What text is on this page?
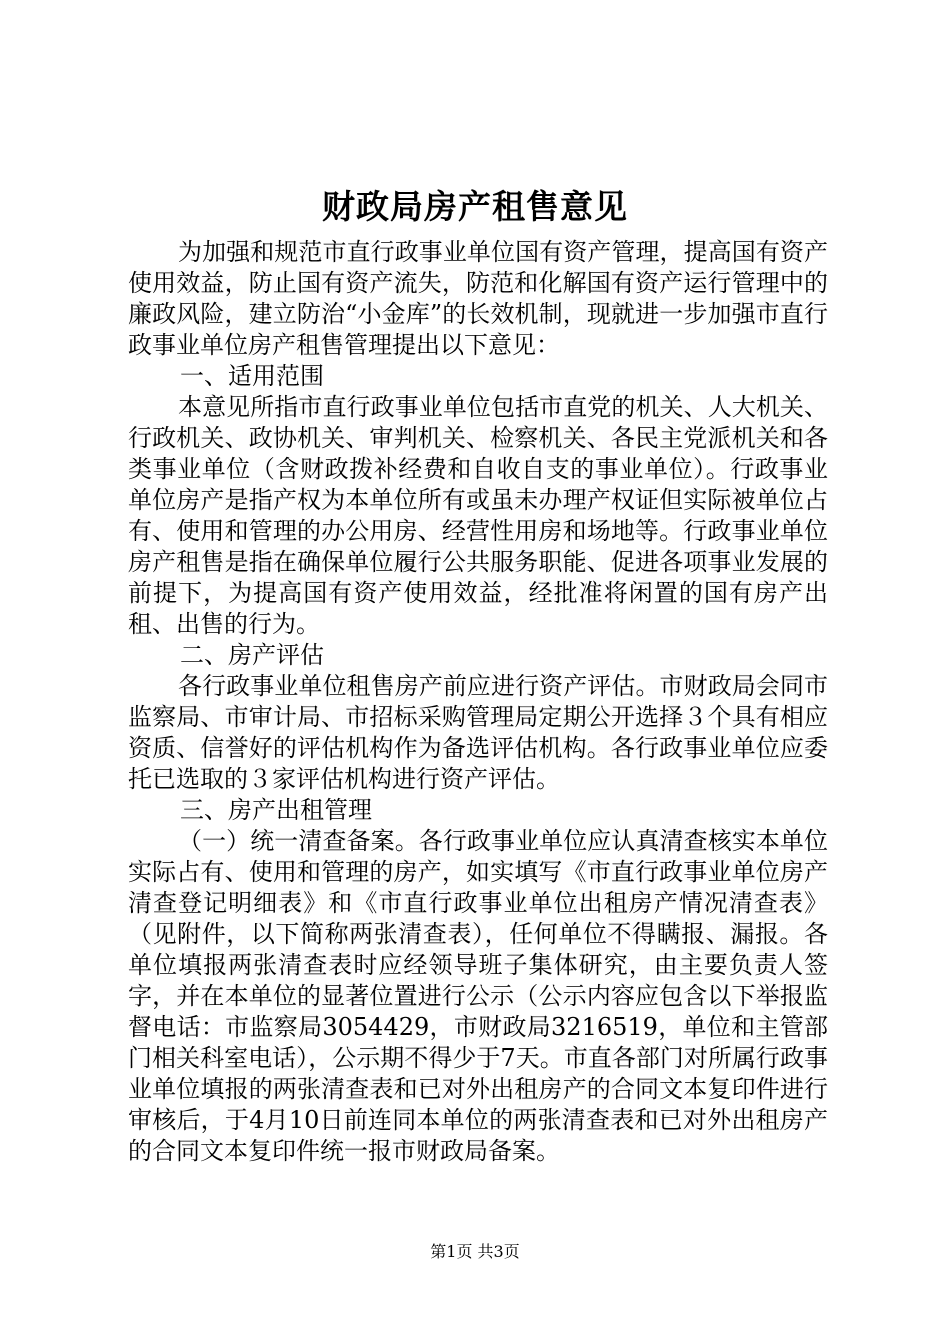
财政局房产租售意见

为加强和规范市直行政事业单位国有资产管理，提高国有资产使用效益，防止国有资产流失，防范和化解国有资产运行管理中的廉政风险，建立防治“小金库”的长效机制，现就进一步加强市直行政事业单位房产租售管理提出以下意见：

一、适用范围

本意见所指市直行政事业单位包括市直党的机关、人大机关、行政机关、政协机关、审判机关、检察机关、各民主党派机关和各类事业单位（含财政拨补经费和自收自支的事业单位）。行政事业单位房产是指产权为本单位所有或虽未办理产权证但实际被单位占有、使用和管理的办公用房、经营性用房和场地等。行政事业单位房产租售是指在确保单位履行公共服务职能、促进各项事业发展的前提下，为提高国有资产使用效益，经批准将闲置的国有房产出租、出售的行为。

二、房产评估

各行政事业单位租售房产前应进行资产评估。市财政局会同市监察局、市审计局、市招标采购管理局定期公开选择３个具有相应资质、信誉好的评估机构作为备选评估机构。各行政事业单位应委托已选取的３家评估机构进行资产评估。

三、房产出租管理

（一）统一清查备案。各行政事业单位应认真清查核实本单位实际占有、使用和管理的房产，如实填写《市直行政事业单位房产清查登记明细表》和《市直行政事业单位出租房产情况清查表》（见附件，以下简称两张清查表），任何单位不得瞒报、漏报。各单位填报两张清查表时应经领导班子集体研究，由主要负责人签字，并在本单位的显著位置进行公示（公示内容应包含以下举报监督电话：市监察局3054429，市财政局3216519，单位和主管部门相关科室电话），公示期不得少于7天。市直各部门对所属行政事业单位填报的两张清查表和已对外出租房产的合同文本复印件进行审核后，于4月10日前连同本单位的两张清查表和已对外出租房产的合同文本复印件统一报市财政局备案。

第1页 共3页
